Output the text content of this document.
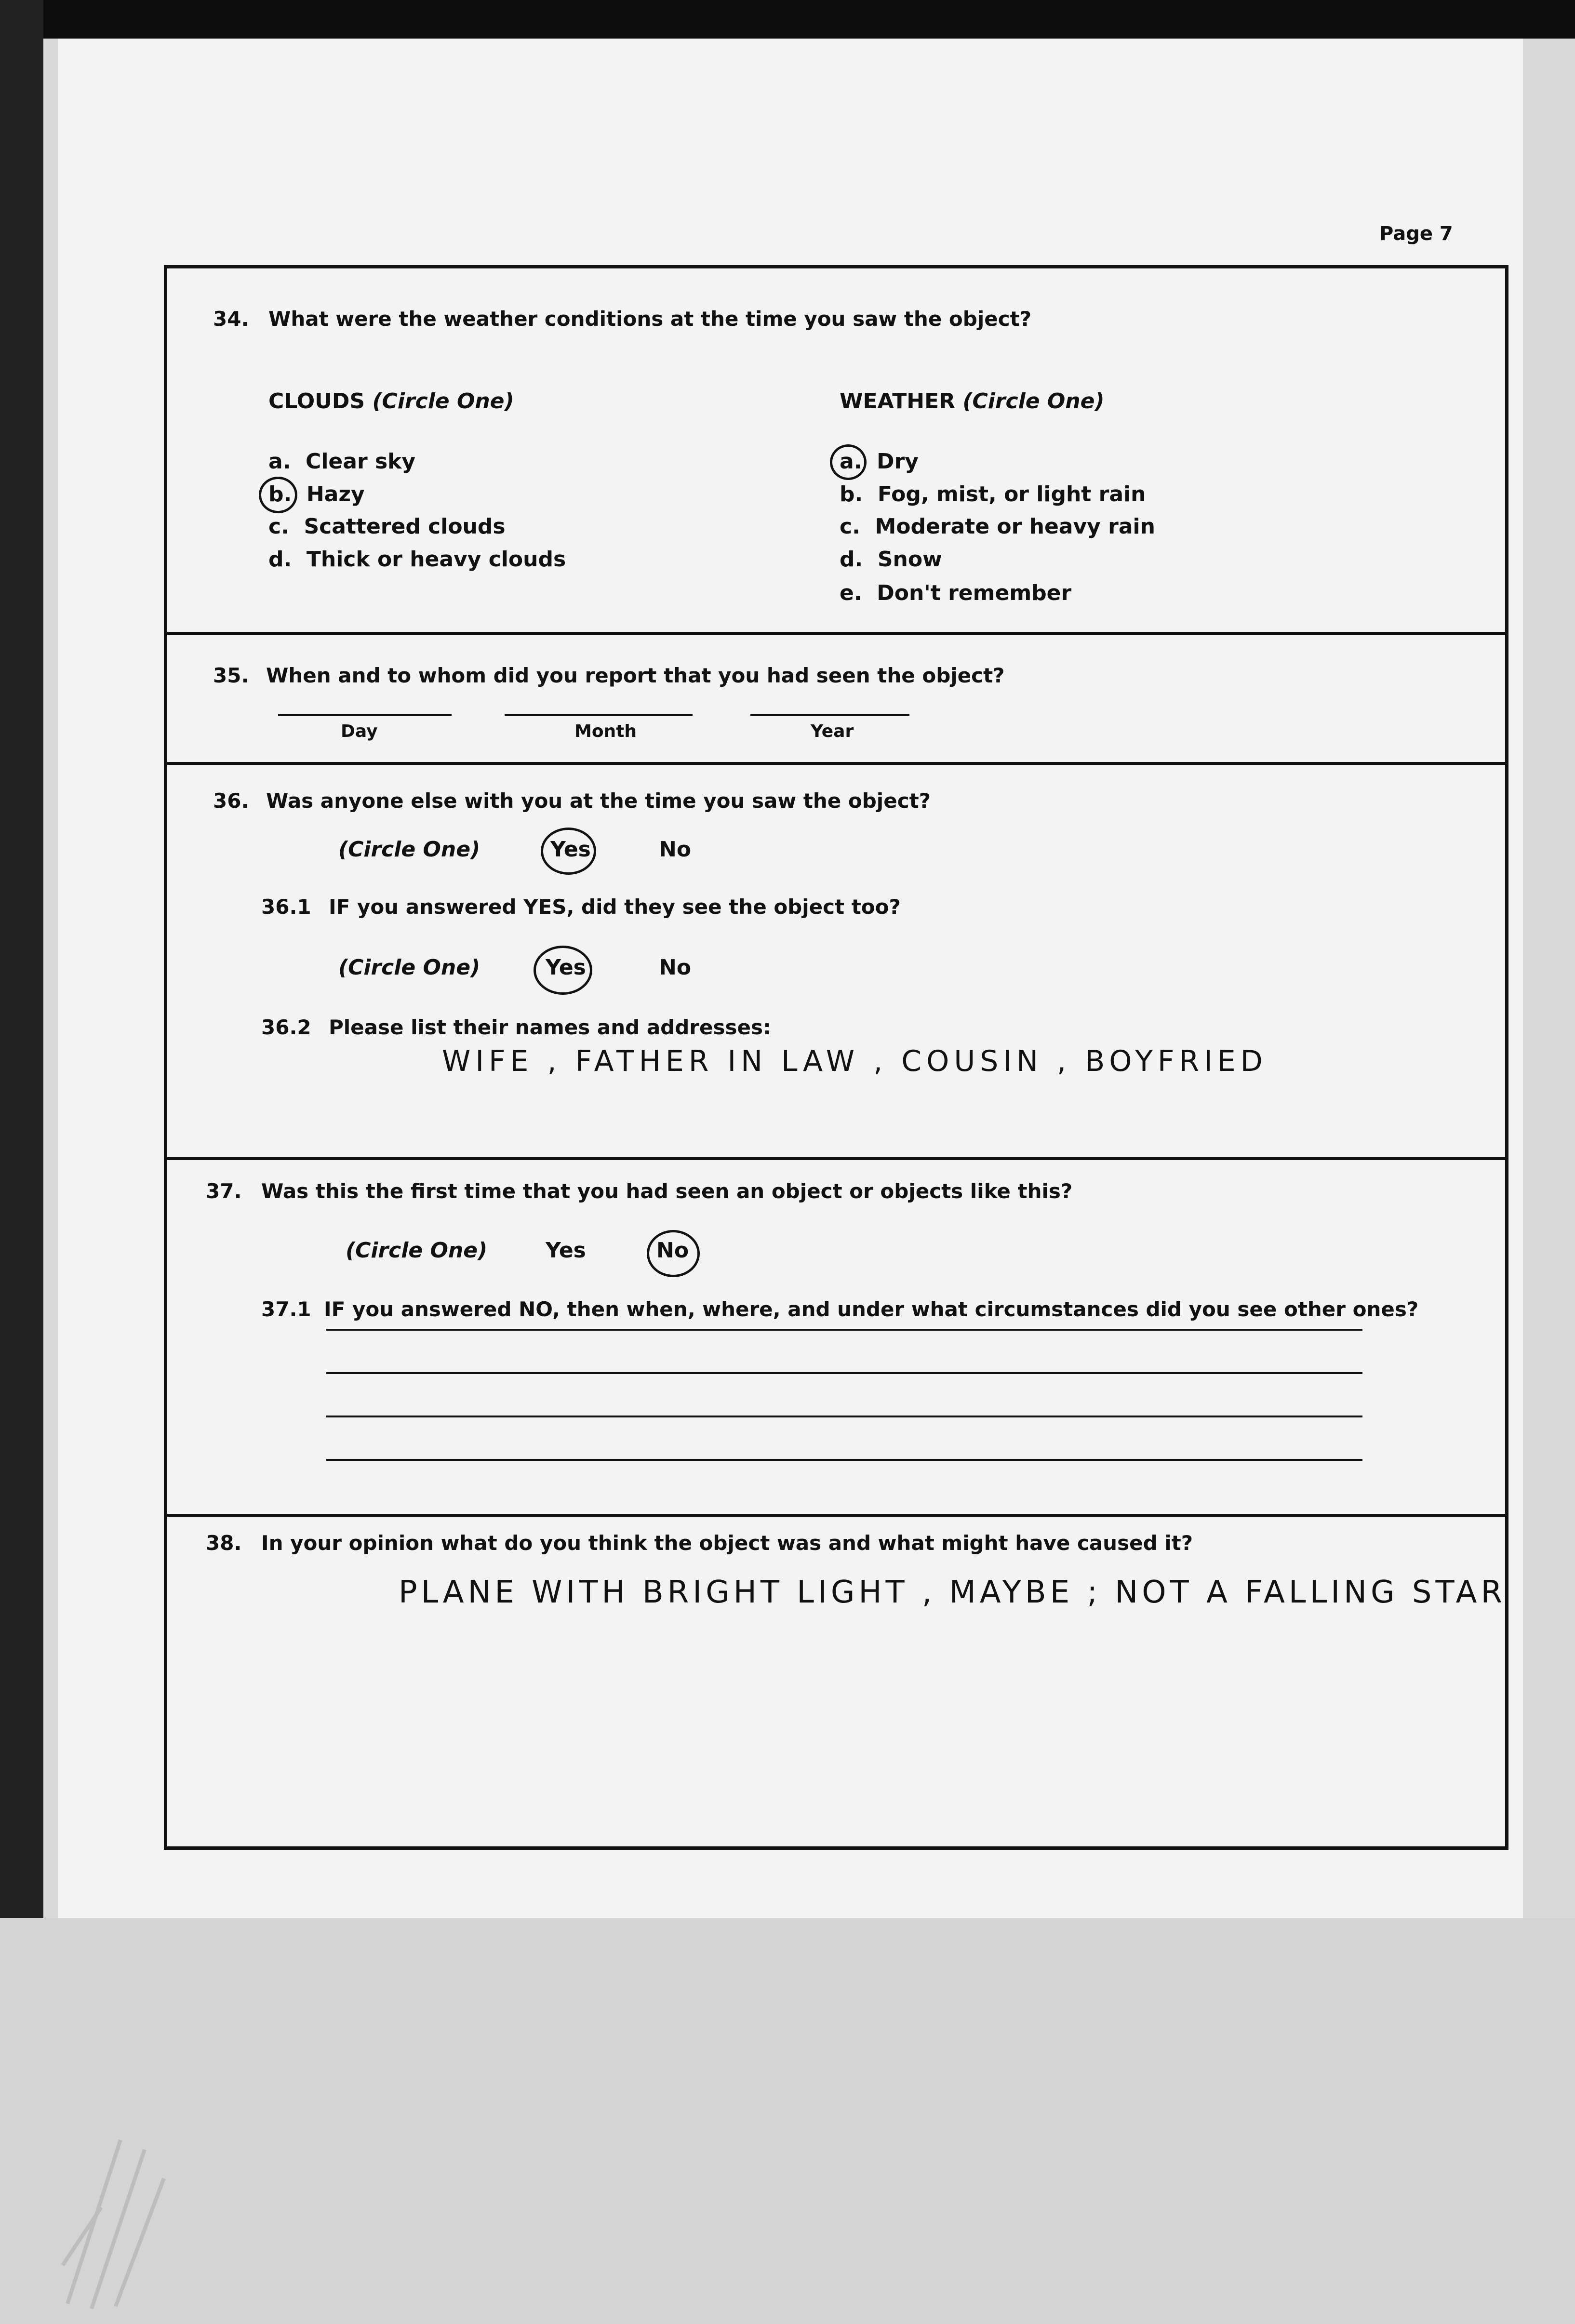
Page 7
34. What were the weather conditions at the time you saw the object?
CLOUDS (Circle One)
a. Clear sky
b. Hazy
c. Scattered clouds
d. Thick or heavy clouds
WEATHER (Circle One)
a. Dry
b. Fog, mist, or light rain
c. Moderate or heavy rain
d. Snow
e. Don't remember
35. When and to whom did you report that you had seen the object?
Day	Month	Year
36. Was anyone else with you at the time you saw the object?
(Circle One)	Yes	No
36.1 IF you answered YES, did they see the object too?
(Circle One)	Yes	No
36.2 Please list their names and addresses:
WIFE , FATHER IN LAW , COUSIN , BOYFRIED
37. Was this the first time that you had seen an object or objects like this?
(Circle One)	Yes	No
37.1 IF you answered NO, then when, where, and under what circumstances did you see other ones?
38. In your opinion what do you think the object was and what might have caused it?
PLANE WITH BRIGHT LIGHT , MAYBE ; NOT A FALLING STAR
